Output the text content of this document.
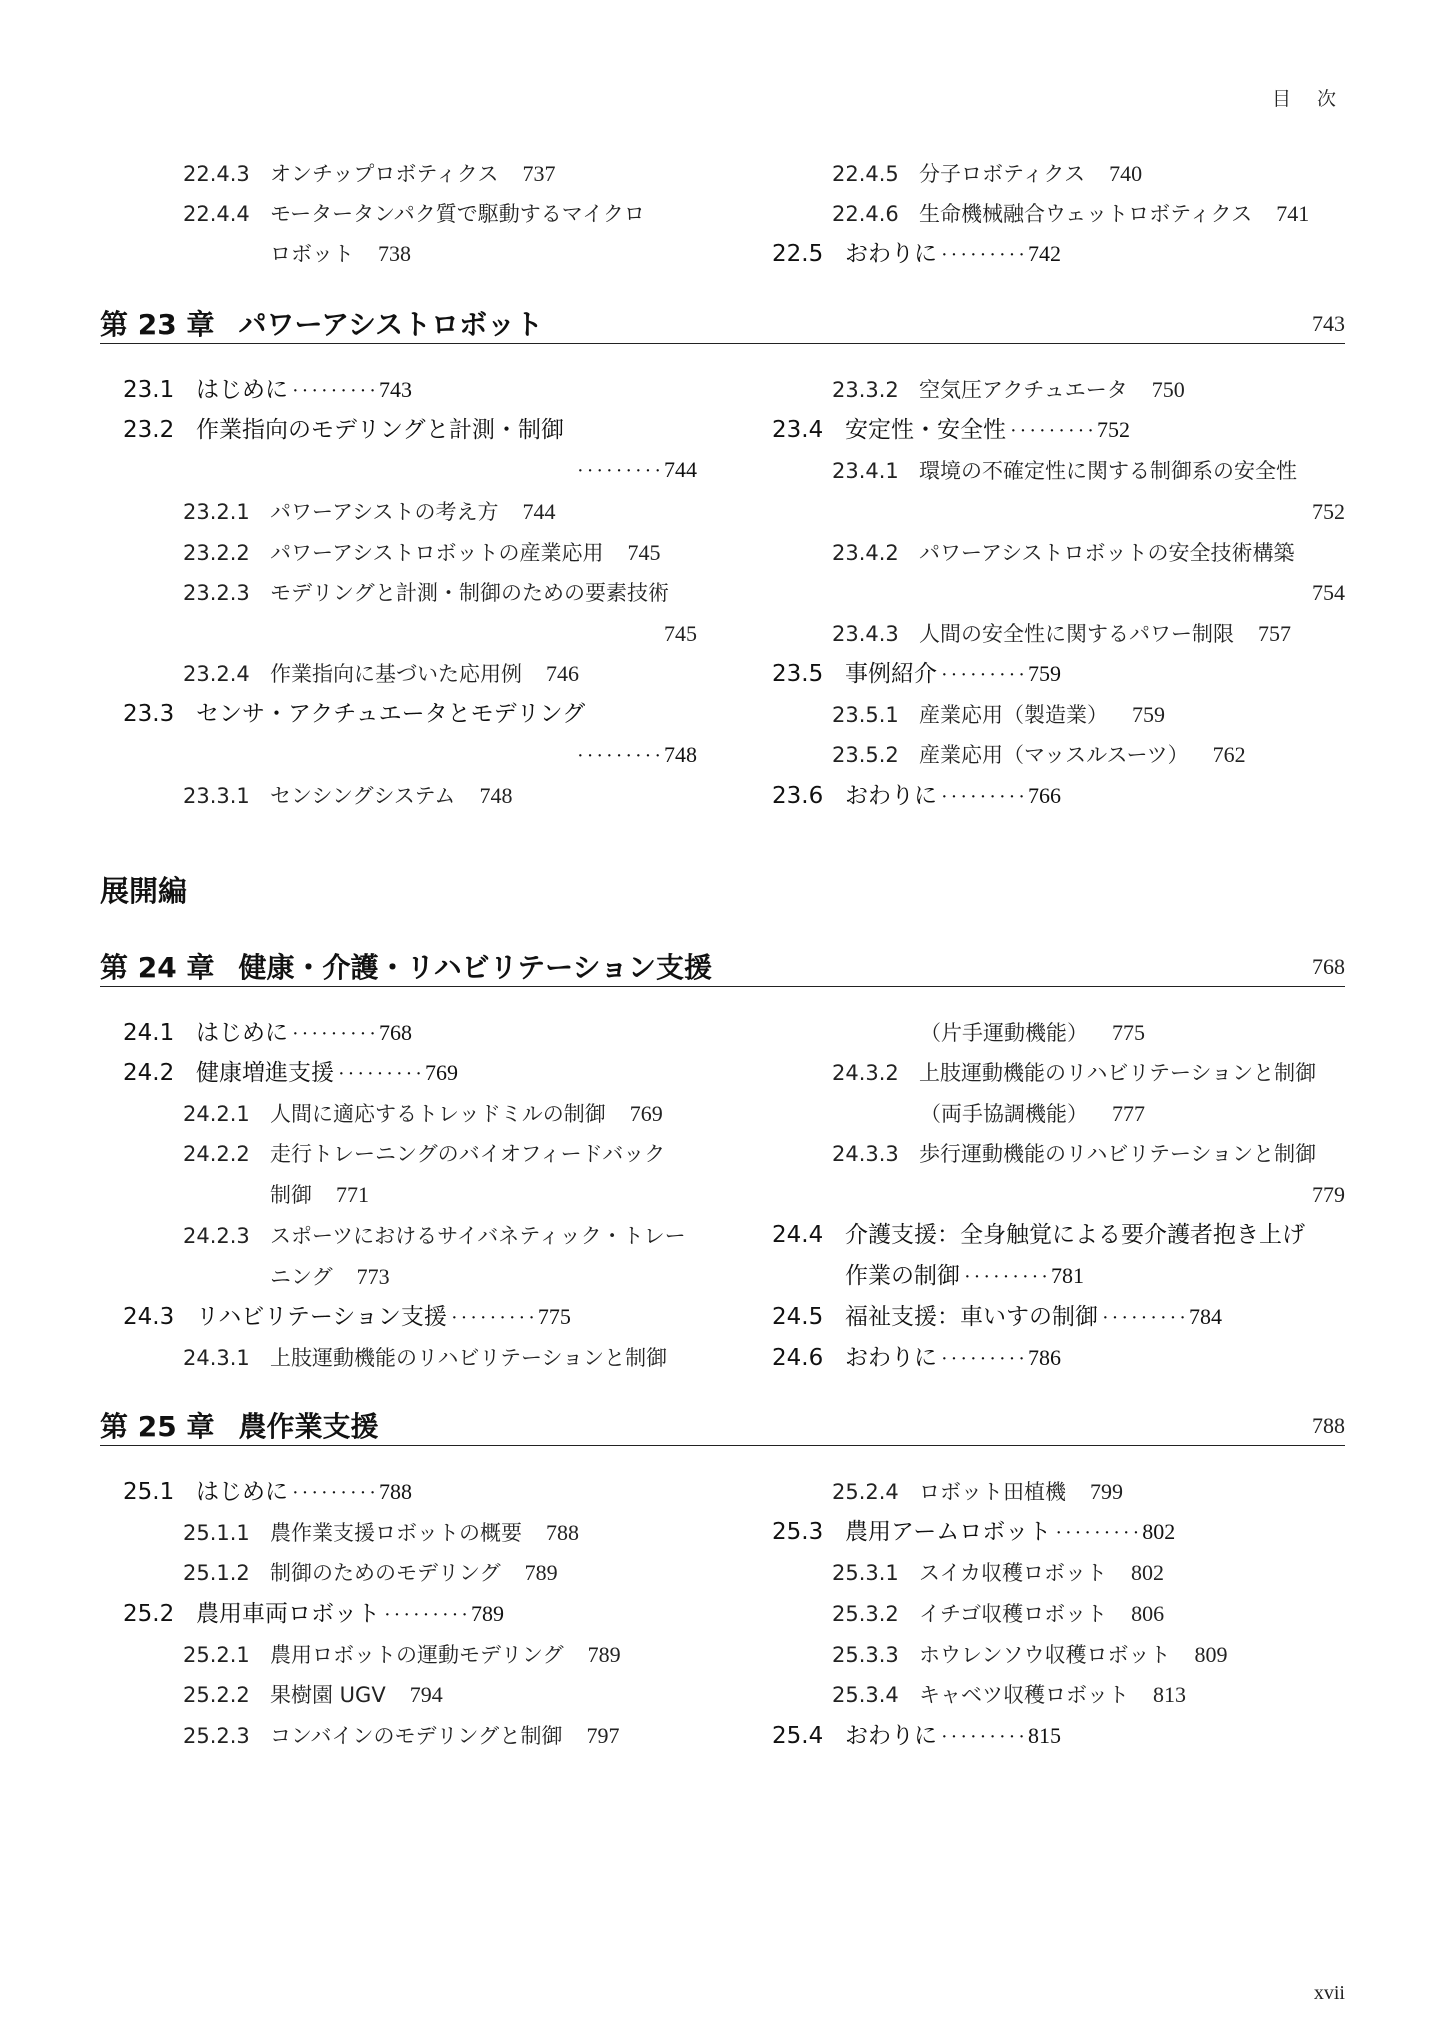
目 次
22.4.3 オンチップロボティクス 737
22.4.4 モータータンパク質で駆動するマイクロ
ロボット 738
22.4.5 分子ロボティクス 740
22.4.6 生命機械融合ウェットロボティクス 741
22.5 おわりに ·········742
第 23 章 パワーアシストロボット	743
23.1 はじめに ·········743
23.2 作業指向のモデリングと計測・制御
·········744
23.2.1 パワーアシストの考え方 744
23.2.2 パワーアシストロボットの産業応用 745
23.2.3 モデリングと計測・制御のための要素技術
745
23.2.4 作業指向に基づいた応用例 746
23.3 センサ・アクチュエータとモデリング
·········748
23.3.1 センシングシステム 748
23.3.2 空気圧アクチュエータ 750
23.4 安定性・安全性 ·········752
23.4.1 環境の不確定性に関する制御系の安全性
752
23.4.2 パワーアシストロボットの安全技術構築
754
23.4.3 人間の安全性に関するパワー制限 757
23.5 事例紹介 ·········759
23.5.1 産業応用（製造業） 759
23.5.2 産業応用（マッスルスーツ） 762
23.6 おわりに ·········766
展開編
第 24 章 健康・介護・リハビリテーション支援	768
24.1 はじめに ·········768
24.2 健康増進支援 ·········769
24.2.1 人間に適応するトレッドミルの制御 769
24.2.2 走行トレーニングのバイオフィードバック
制御 771
24.2.3 スポーツにおけるサイバネティック・トレー
ニング 773
24.3 リハビリテーション支援 ·········775
24.3.1 上肢運動機能のリハビリテーションと制御
（片手運動機能） 775
24.3.2 上肢運動機能のリハビリテーションと制御
（両手協調機能） 777
24.3.3 歩行運動機能のリハビリテーションと制御
779
24.4 介護支援：全身触覚による要介護者抱き上げ
作業の制御 ·········781
24.5 福祉支援：車いすの制御 ·········784
24.6 おわりに ·········786
第 25 章 農作業支援	788
25.1 はじめに ·········788
25.1.1 農作業支援ロボットの概要 788
25.1.2 制御のためのモデリング 789
25.2 農用車両ロボット ·········789
25.2.1 農用ロボットの運動モデリング 789
25.2.2 果樹園 UGV 794
25.2.3 コンバインのモデリングと制御 797
25.2.4 ロボット田植機 799
25.3 農用アームロボット ·········802
25.3.1 スイカ収穫ロボット 802
25.3.2 イチゴ収穫ロボット 806
25.3.3 ホウレンソウ収穫ロボット 809
25.3.4 キャベツ収穫ロボット 813
25.4 おわりに ·········815
xvii
